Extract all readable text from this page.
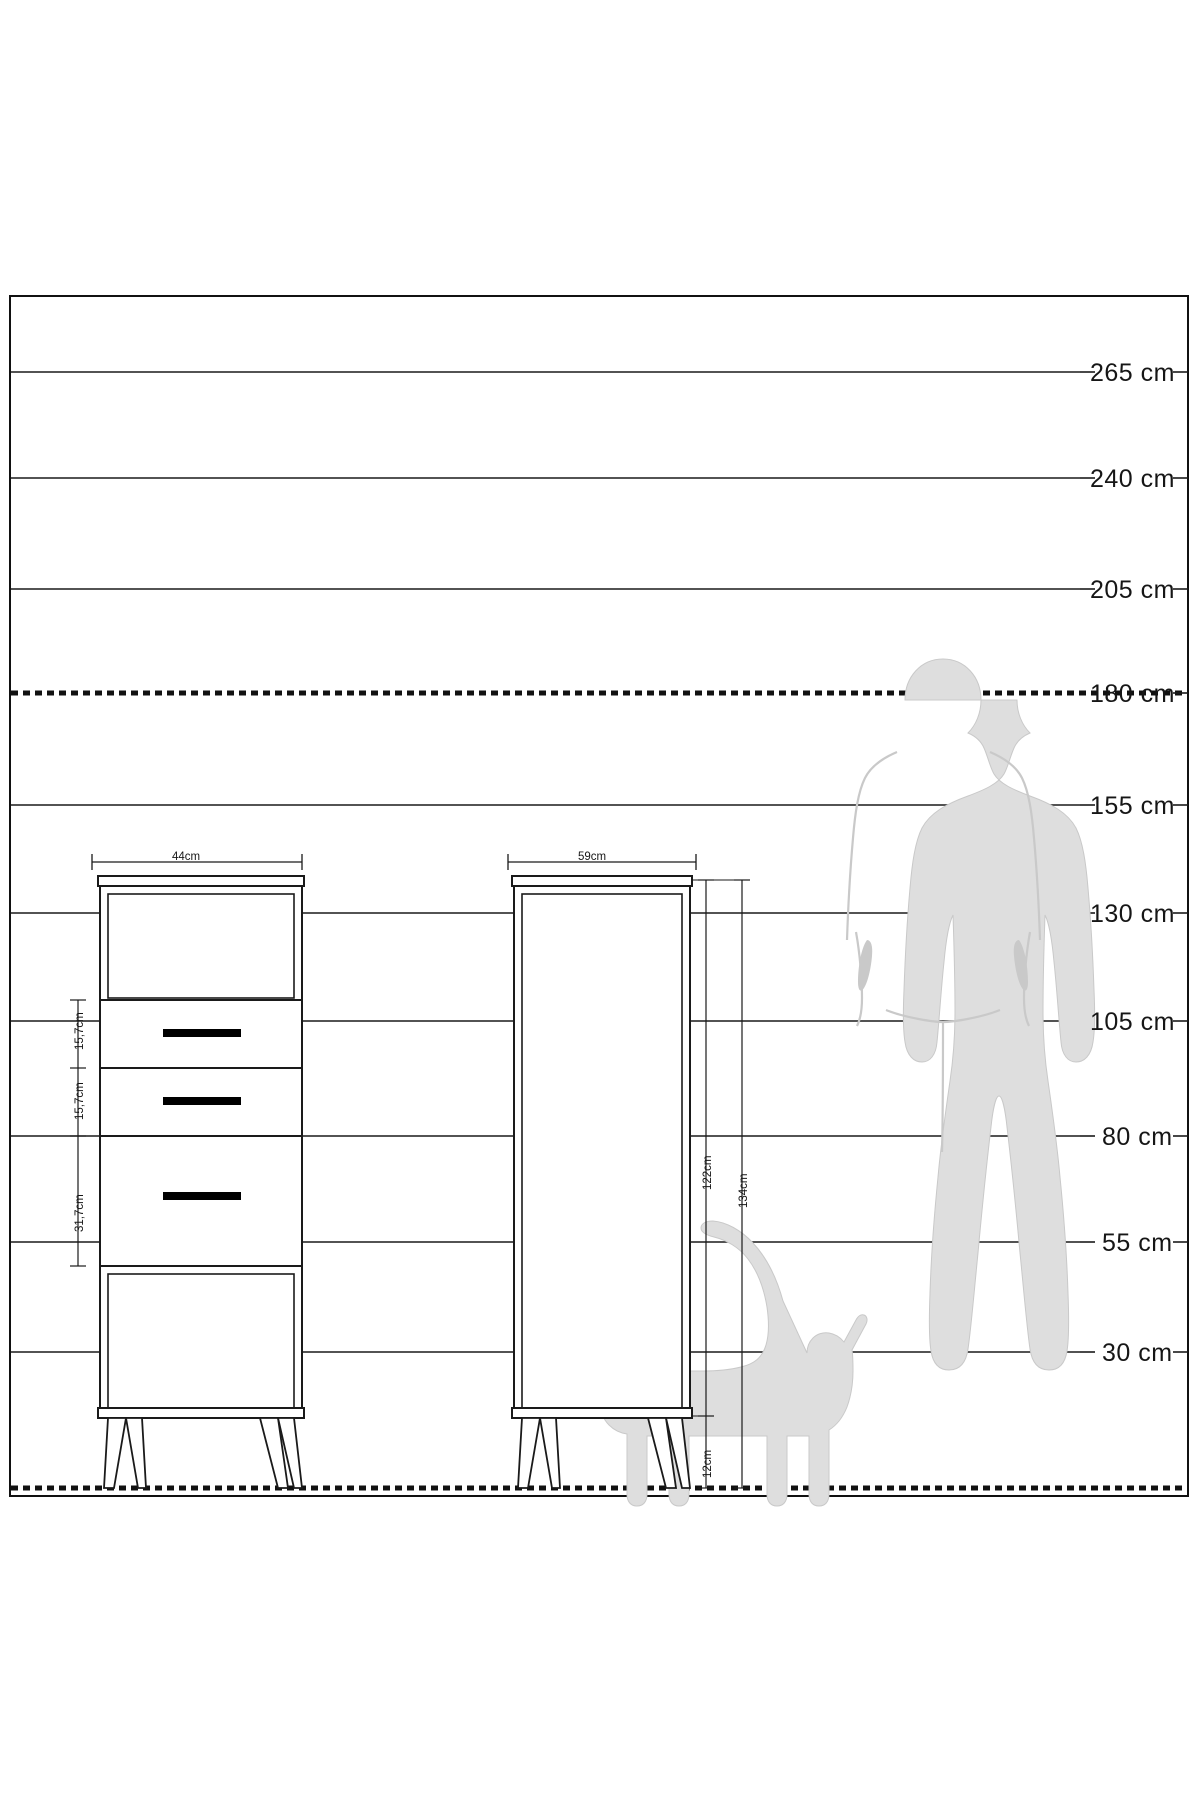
265 cm
240 cm
205 cm
180 cm
155 cm
130 cm
105 cm
80 cm
55 cm
30 cm
44cm	59cm
15,7cm
15,7cm
31,7cm
122cm
134cm
12cm
